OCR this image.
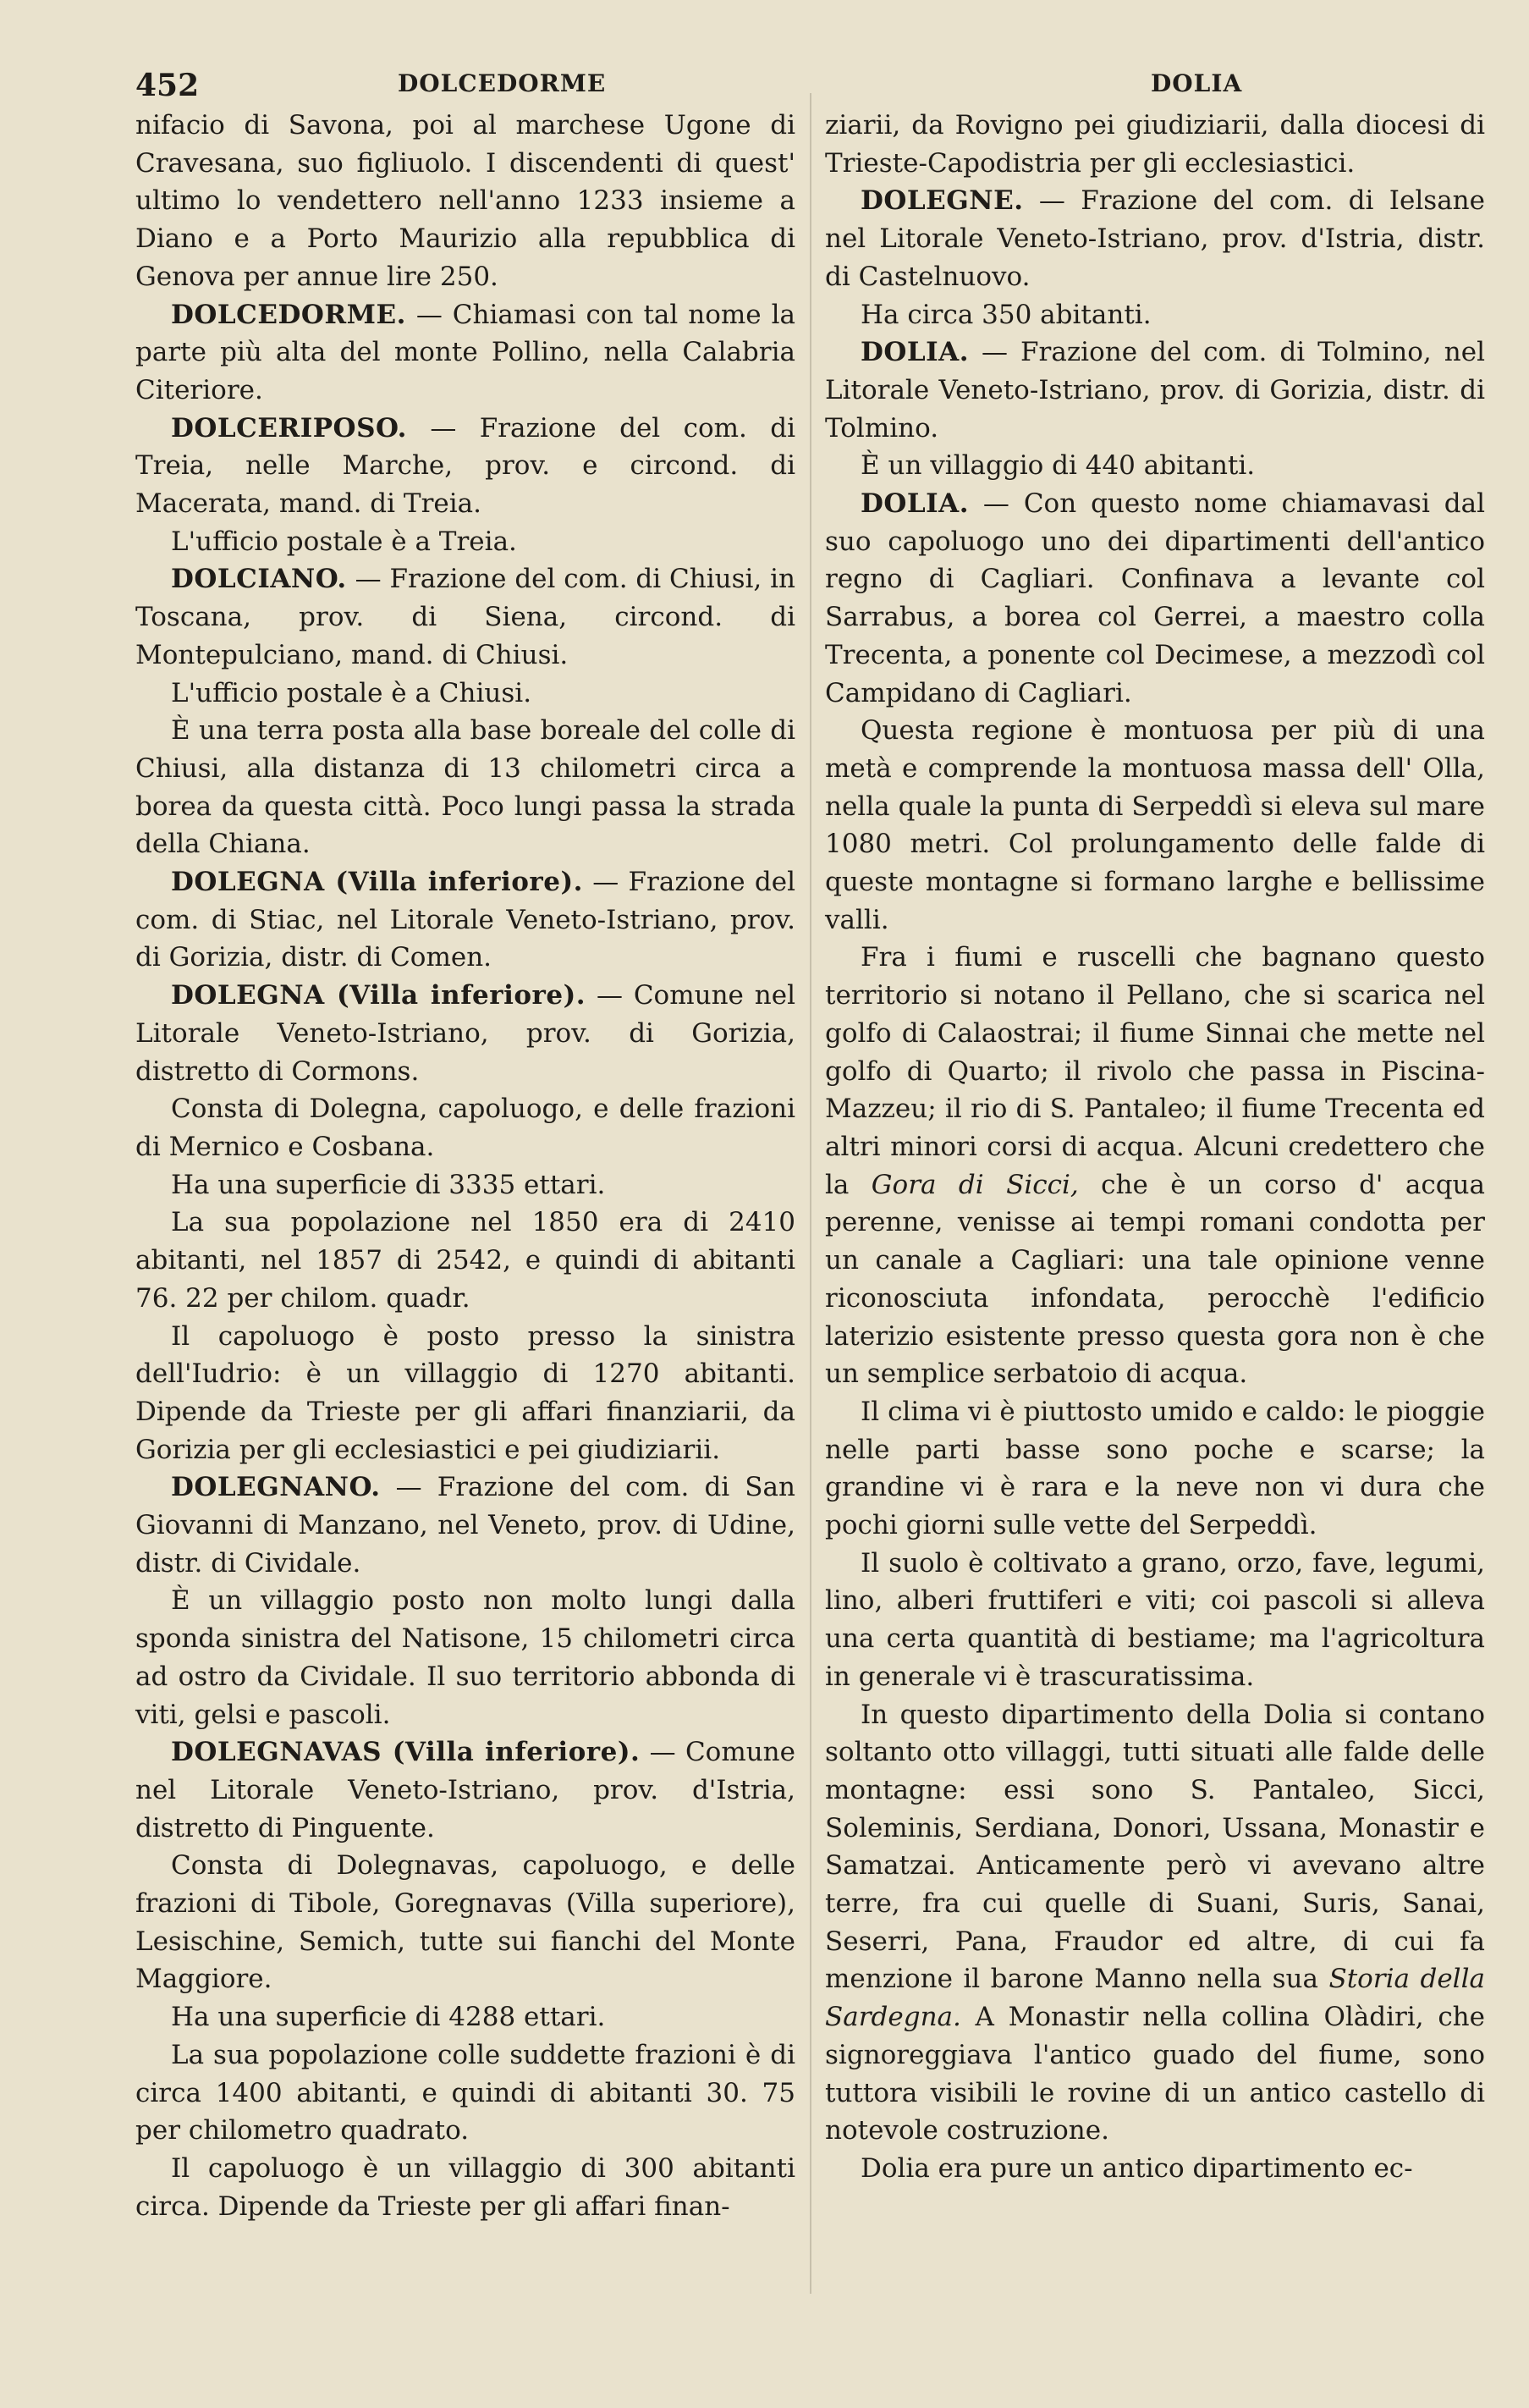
452	DOLCEDORME	DOLIA

nifacio di Savona, poi al marchese Ugone di Cravesana, suo figliuolo. I discendenti di quest' ultimo lo vendettero nell'anno 1233 insieme a Diano e a Porto Maurizio alla repubblica di Genova per annue lire 250.

DOLCEDORME. — Chiamasi con tal nome la parte più alta del monte Pollino, nella Calabria Citeriore.

DOLCERIPOSO. — Frazione del com. di Treia, nelle Marche, prov. e circond. di Macerata, mand. di Treia.

L'ufficio postale è a Treia.

DOLCIANO. — Frazione del com. di Chiusi, in Toscana, prov. di Siena, circond. di Montepulciano, mand. di Chiusi.

L'ufficio postale è a Chiusi.

È una terra posta alla base boreale del colle di Chiusi, alla distanza di 13 chilometri circa a borea da questa città. Poco lungi passa la strada della Chiana.

DOLEGNA (Villa inferiore). — Frazione del com. di Stiac, nel Litorale Veneto-Istriano, prov. di Gorizia, distr. di Comen.

DOLEGNA (Villa inferiore). — Comune nel Litorale Veneto-Istriano, prov. di Gorizia, distretto di Cormons.

Consta di Dolegna, capoluogo, e delle frazioni di Mernico e Cosbana.

Ha una superficie di 3335 ettari.

La sua popolazione nel 1850 era di 2410 abitanti, nel 1857 di 2542, e quindi di abitanti 76. 22 per chilom. quadr.

Il capoluogo è posto presso la sinistra dell'Iudrio: è un villaggio di 1270 abitanti. Dipende da Trieste per gli affari finanziarii, da Gorizia per gli ecclesiastici e pei giudiziarii.

DOLEGNANO. — Frazione del com. di San Giovanni di Manzano, nel Veneto, prov. di Udine, distr. di Cividale.

È un villaggio posto non molto lungi dalla sponda sinistra del Natisone, 15 chilometri circa ad ostro da Cividale. Il suo territorio abbonda di viti, gelsi e pascoli.

DOLEGNAVAS (Villa inferiore). — Comune nel Litorale Veneto-Istriano, prov. d'Istria, distretto di Pinguente.

Consta di Dolegnavas, capoluogo, e delle frazioni di Tibole, Goregnavas (Villa superiore), Lesischine, Semich, tutte sui fianchi del Monte Maggiore.

Ha una superficie di 4288 ettari.

La sua popolazione colle suddette frazioni è di circa 1400 abitanti, e quindi di abitanti 30. 75 per chilometro quadrato.

Il capoluogo è un villaggio di 300 abitanti circa. Dipende da Trieste per gli affari finan-

ziarii, da Rovigno pei giudiziarii, dalla diocesi di Trieste-Capodistria per gli ecclesiastici.

DOLEGNE. — Frazione del com. di Ielsane nel Litorale Veneto-Istriano, prov. d'Istria, distr. di Castelnuovo.

Ha circa 350 abitanti.

DOLIA. — Frazione del com. di Tolmino, nel Litorale Veneto-Istriano, prov. di Gorizia, distr. di Tolmino.

È un villaggio di 440 abitanti.

DOLIA. — Con questo nome chiamavasi dal suo capoluogo uno dei dipartimenti dell'antico regno di Cagliari. Confinava a levante col Sarrabus, a borea col Gerrei, a maestro colla Trecenta, a ponente col Decimese, a mezzodì col Campidano di Cagliari.

Questa regione è montuosa per più di una metà e comprende la montuosa massa dell' Olla, nella quale la punta di Serpeddì si eleva sul mare 1080 metri. Col prolungamento delle falde di queste montagne si formano larghe e bellissime valli.

Fra i fiumi e ruscelli che bagnano questo territorio si notano il Pellano, che si scarica nel golfo di Calaostrai; il fiume Sinnai che mette nel golfo di Quarto; il rivolo che passa in Piscina-Mazzeu; il rio di S. Pantaleo; il fiume Trecenta ed altri minori corsi di acqua. Alcuni credettero che la Gora di Sicci, che è un corso d' acqua perenne, venisse ai tempi romani condotta per un canale a Cagliari: una tale opinione venne riconosciuta infondata, perocchè l'edificio laterizio esistente presso questa gora non è che un semplice serbatoio di acqua.

Il clima vi è piuttosto umido e caldo: le pioggie nelle parti basse sono poche e scarse; la grandine vi è rara e la neve non vi dura che pochi giorni sulle vette del Serpeddì.

Il suolo è coltivato a grano, orzo, fave, legumi, lino, alberi fruttiferi e viti; coi pascoli si alleva una certa quantità di bestiame; ma l'agricoltura in generale vi è trascuratissima.

In questo dipartimento della Dolia si contano soltanto otto villaggi, tutti situati alle falde delle montagne: essi sono S. Pantaleo, Sicci, Soleminis, Serdiana, Donori, Ussana, Monastir e Samatzai. Anticamente però vi avevano altre terre, fra cui quelle di Suani, Suris, Sanai, Seserri, Pana, Fraudor ed altre, di cui fa menzione il barone Manno nella sua Storia della Sardegna. A Monastir nella collina Olàdiri, che signoreggiava l'antico guado del fiume, sono tuttora visibili le rovine di un antico castello di notevole costruzione.

Dolia era pure un antico dipartimento ec-
